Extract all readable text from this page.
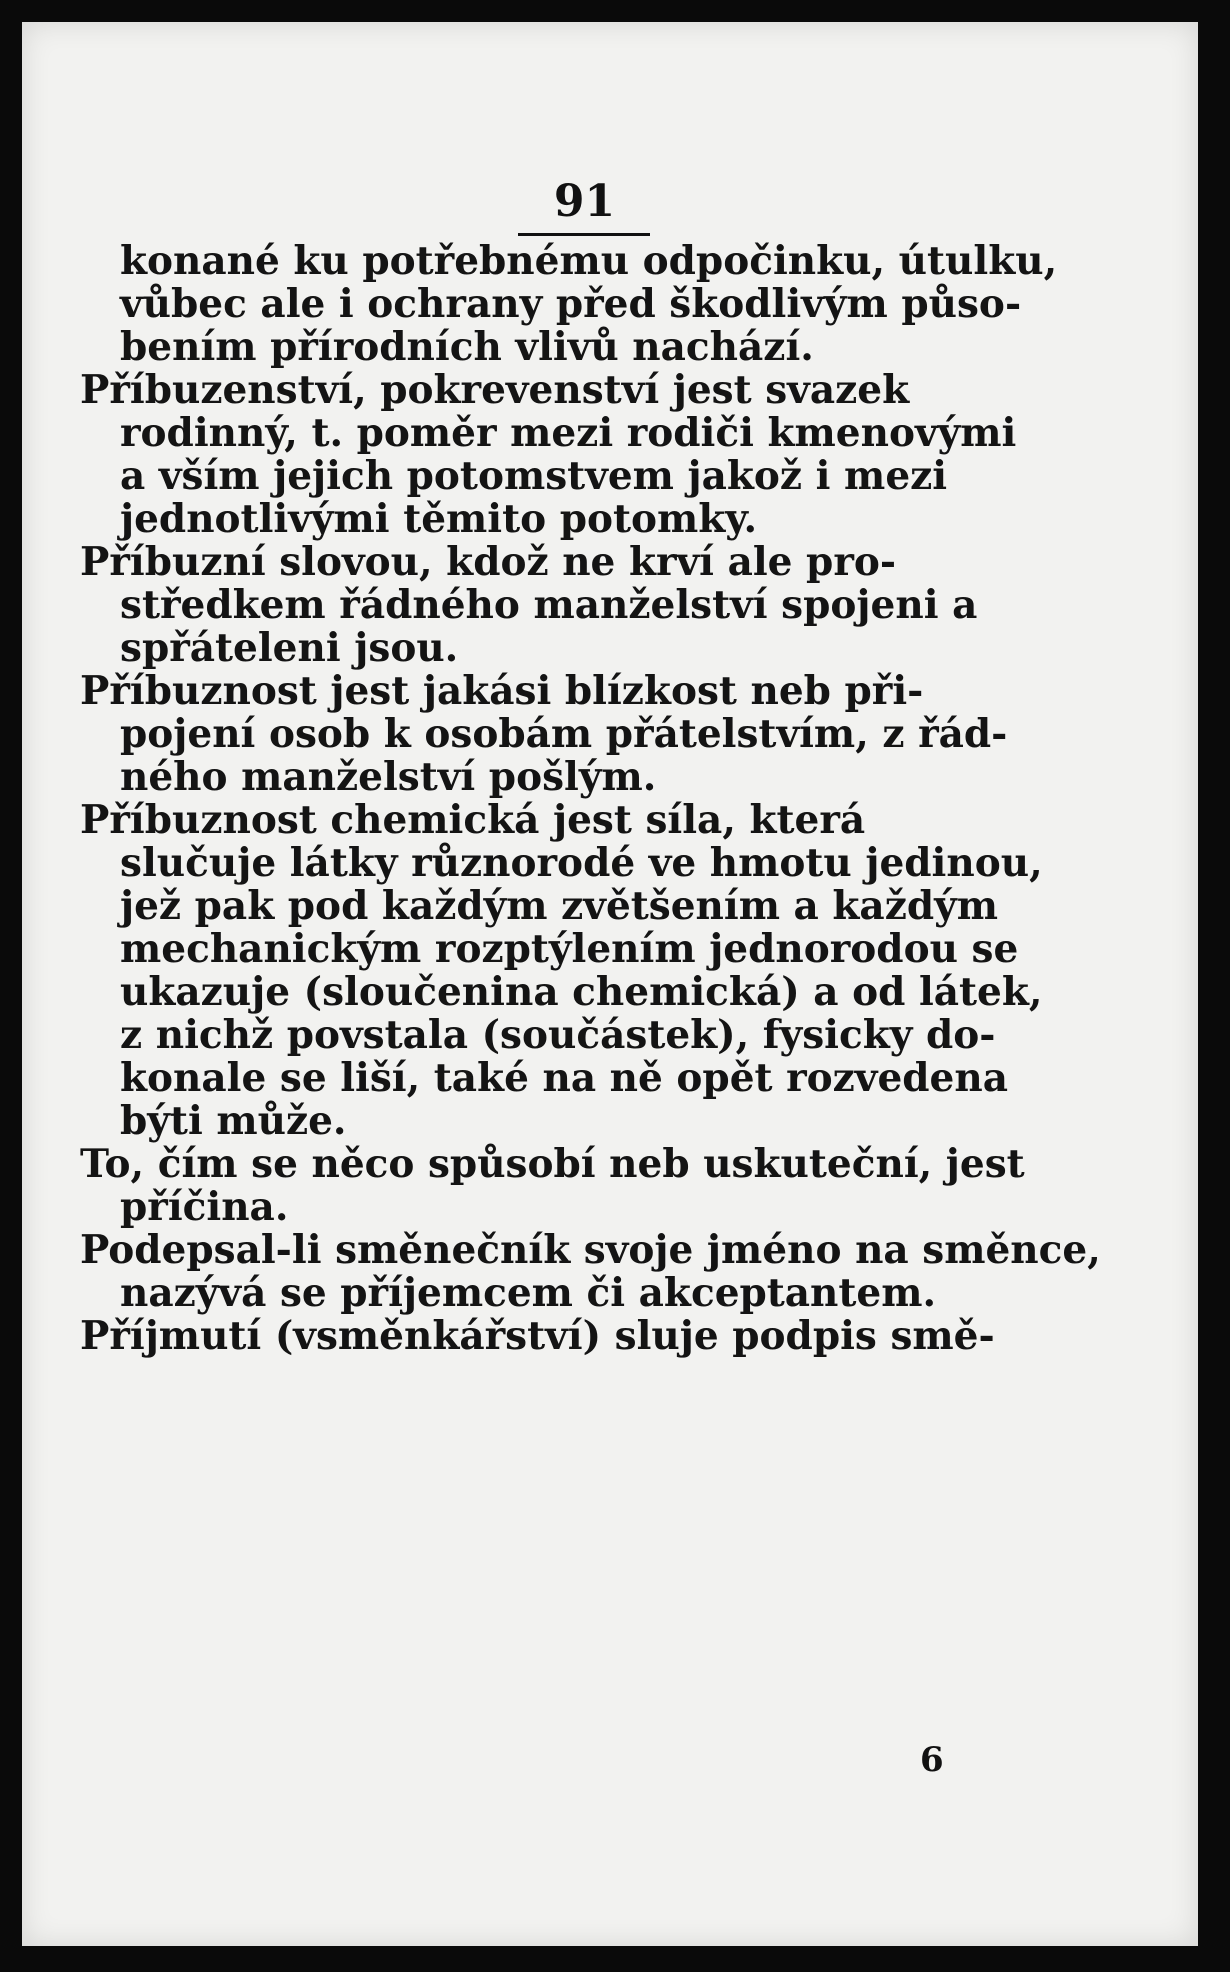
91
konané ku potřebnému odpočinku, útulku,
vůbec ale i ochrany před škodlivým půso-
bením přírodních vlivů nachází.
Příbuzenství, pokrevenství jest svazek
rodinný, t. poměr mezi rodiči kmenovými
a vším jejich potomstvem jakož i mezi
jednotlivými těmito potomky.
Příbuzní slovou, kdož ne krví ale pro-
středkem řádného manželství spojeni a
spřáteleni jsou.
Příbuznost jest jakási blízkost neb při-
pojení osob k osobám přátelstvím, z řád-
ného manželství pošlým.
Příbuznost chemická jest síla, která
slučuje látky různorodé ve hmotu jedinou,
jež pak pod každým zvětšením a každým
mechanickým rozptýlením jednorodou se
ukazuje (sloučenina chemická) a od látek,
z nichž povstala (součástek), fysicky do-
konale se liší, také na ně opět rozvedena
býti může.
To, čím se něco spůsobí neb uskuteční, jest
příčina.
Podepsal-li směnečník svoje jméno na směnce,
nazývá se příjemcem či akceptantem.
Příjmutí (vsměnkářství) sluje podpis smě-
6
